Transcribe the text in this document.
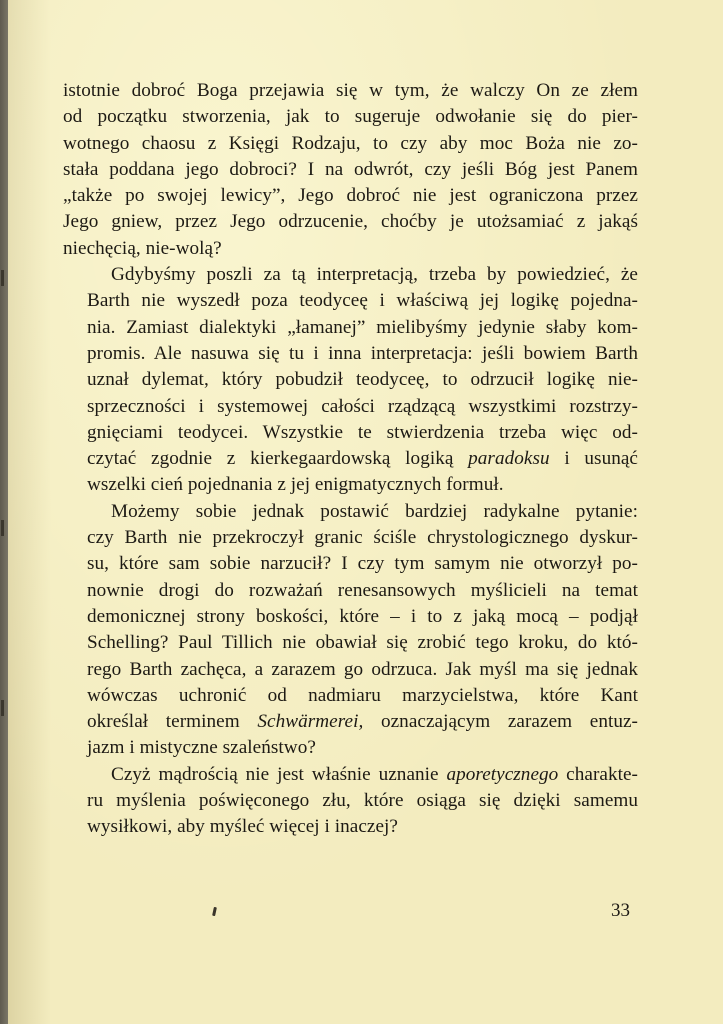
istotnie dobroć Boga przejawia się w tym, że walczy On ze złem
od początku stworzenia, jak to sugeruje odwołanie się do pier-
wotnego chaosu z Księgi Rodzaju, to czy aby moc Boża nie zo-
stała poddana jego dobroci? I na odwrót, czy jeśli Bóg jest Panem
„także po swojej lewicy”, Jego dobroć nie jest ograniczona przez
Jego gniew, przez Jego odrzucenie, choćby je utożsamiać z jakąś
niechęcią, nie-wolą?

Gdybyśmy poszli za tą interpretacją, trzeba by powiedzieć, że
Barth nie wyszedł poza teodyceę i właściwą jej logikę pojedna-
nia. Zamiast dialektyki „łamanej” mielibyśmy jedynie słaby kom-
promis. Ale nasuwa się tu i inna interpretacja: jeśli bowiem Barth
uznał dylemat, który pobudził teodyceę, to odrzucił logikę nie-
sprzeczności i systemowej całości rządzącą wszystkimi rozstrzy-
gnięciami teodycei. Wszystkie te stwierdzenia trzeba więc od-
czytać zgodnie z kierkegaardowską logiką paradoksu i usunąć
wszelki cień pojednania z jej enigmatycznych formuł.

Możemy sobie jednak postawić bardziej radykalne pytanie:
czy Barth nie przekroczył granic ściśle chrystologicznego dyskur-
su, które sam sobie narzucił? I czy tym samym nie otworzył po-
nownie drogi do rozważań renesansowych myślicieli na temat
demonicznej strony boskości, które – i to z jaką mocą – podjął
Schelling? Paul Tillich nie obawiał się zrobić tego kroku, do któ-
rego Barth zachęca, a zarazem go odrzuca. Jak myśl ma się jednak
wówczas uchronić od nadmiaru marzycielstwa, które Kant
określał terminem Schwärmerei, oznaczającym zarazem entuz-
jazm i mistyczne szaleństwo?

Czyż mądrością nie jest właśnie uznanie aporetycznego charakte-
ru myślenia poświęconego złu, które osiąga się dzięki samemu
wysiłkowi, aby myśleć więcej i inaczej?

33
